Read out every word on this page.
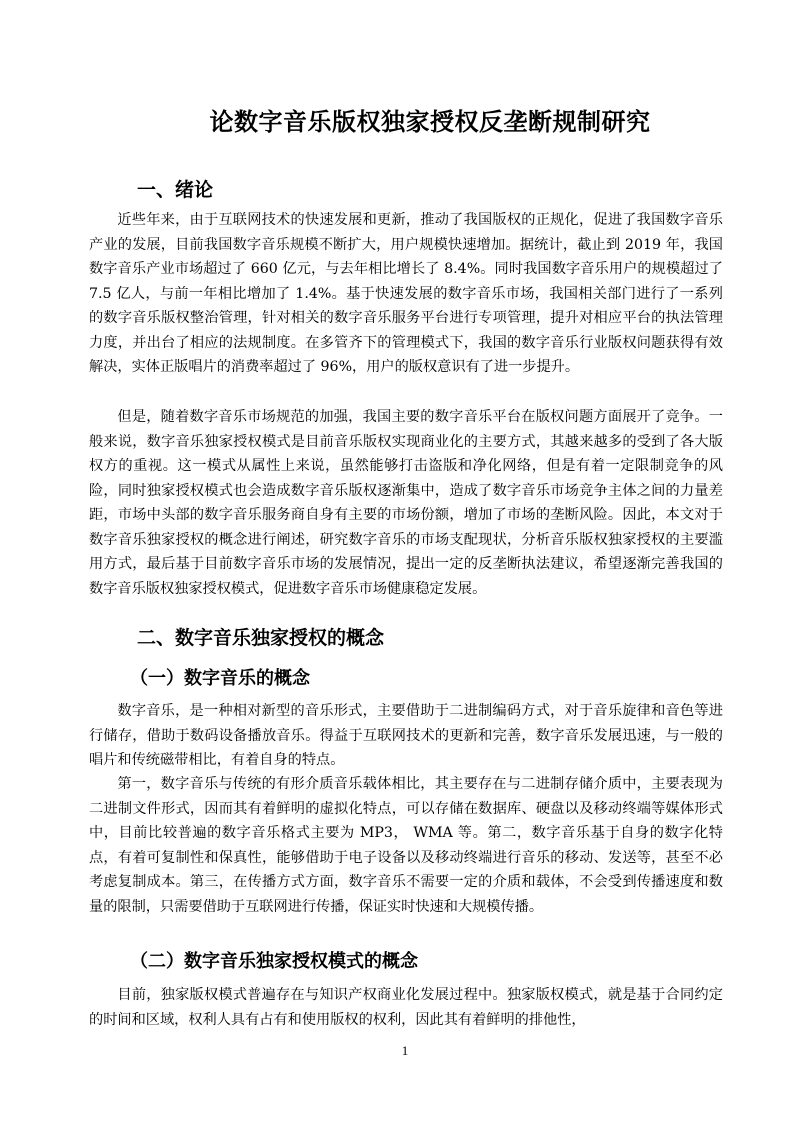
论数字音乐版权独家授权反垄断规制研究
一、绪论

近些年来，由于互联网技术的快速发展和更新，推动了我国版权的正规化，促进了我国数字音乐产业的发展，目前我国数字音乐规模不断扩大，用户规模快速增加。据统计，截止到 2019 年，我国数字音乐产业市场超过了 660 亿元，与去年相比增长了 8.4%。同时我国数字音乐用户的规模超过了 7.5 亿人，与前一年相比增加了 1.4%。基于快速发展的数字音乐市场，我国相关部门进行了一系列的数字音乐版权整治管理，针对相关的数字音乐服务平台进行专项管理，提升对相应平台的执法管理力度，并出台了相应的法规制度。在多管齐下的管理模式下，我国的数字音乐行业版权问题获得有效解决，实体正版唱片的消费率超过了 96%，用户的版权意识有了进一步提升。

但是，随着数字音乐市场规范的加强，我国主要的数字音乐平台在版权问题方面展开了竞争。一般来说，数字音乐独家授权模式是目前音乐版权实现商业化的主要方式，其越来越多的受到了各大版权方的重视。这一模式从属性上来说，虽然能够打击盗版和净化网络，但是有着一定限制竞争的风险，同时独家授权模式也会造成数字音乐版权逐渐集中，造成了数字音乐市场竞争主体之间的力量差距，市场中头部的数字音乐服务商自身有主要的市场份额，增加了市场的垄断风险。因此，本文对于数字音乐独家授权的概念进行阐述，研究数字音乐的市场支配现状，分析音乐版权独家授权的主要滥用方式，最后基于目前数字音乐市场的发展情况，提出一定的反垄断执法建议，希望逐渐完善我国的数字音乐版权独家授权模式，促进数字音乐市场健康稳定发展。

二、数字音乐独家授权的概念
（一）数字音乐的概念

数字音乐，是一种相对新型的音乐形式，主要借助于二进制编码方式，对于音乐旋律和音色等进行储存，借助于数码设备播放音乐。得益于互联网技术的更新和完善，数字音乐发展迅速，与一般的唱片和传统磁带相比，有着自身的特点。

第一，数字音乐与传统的有形介质音乐载体相比，其主要存在与二进制存储介质中，主要表现为二进制文件形式，因而其有着鲜明的虚拟化特点，可以存储在数据库、硬盘以及移动终端等媒体形式中，目前比较普遍的数字音乐格式主要为 MP3， WMA 等。第二，数字音乐基于自身的数字化特点，有着可复制性和保真性，能够借助于电子设备以及移动终端进行音乐的移动、发送等，甚至不必考虑复制成本。第三，在传播方式方面，数字音乐不需要一定的介质和载体，不会受到传播速度和数量的限制，只需要借助于互联网进行传播，保证实时快速和大规模传播。

（二）数字音乐独家授权模式的概念

目前，独家版权模式普遍存在与知识产权商业化发展过程中。独家版权模式，就是基于合同约定的时间和区域，权利人具有占有和使用版权的权利，因此其有着鲜明的排他性，

1
